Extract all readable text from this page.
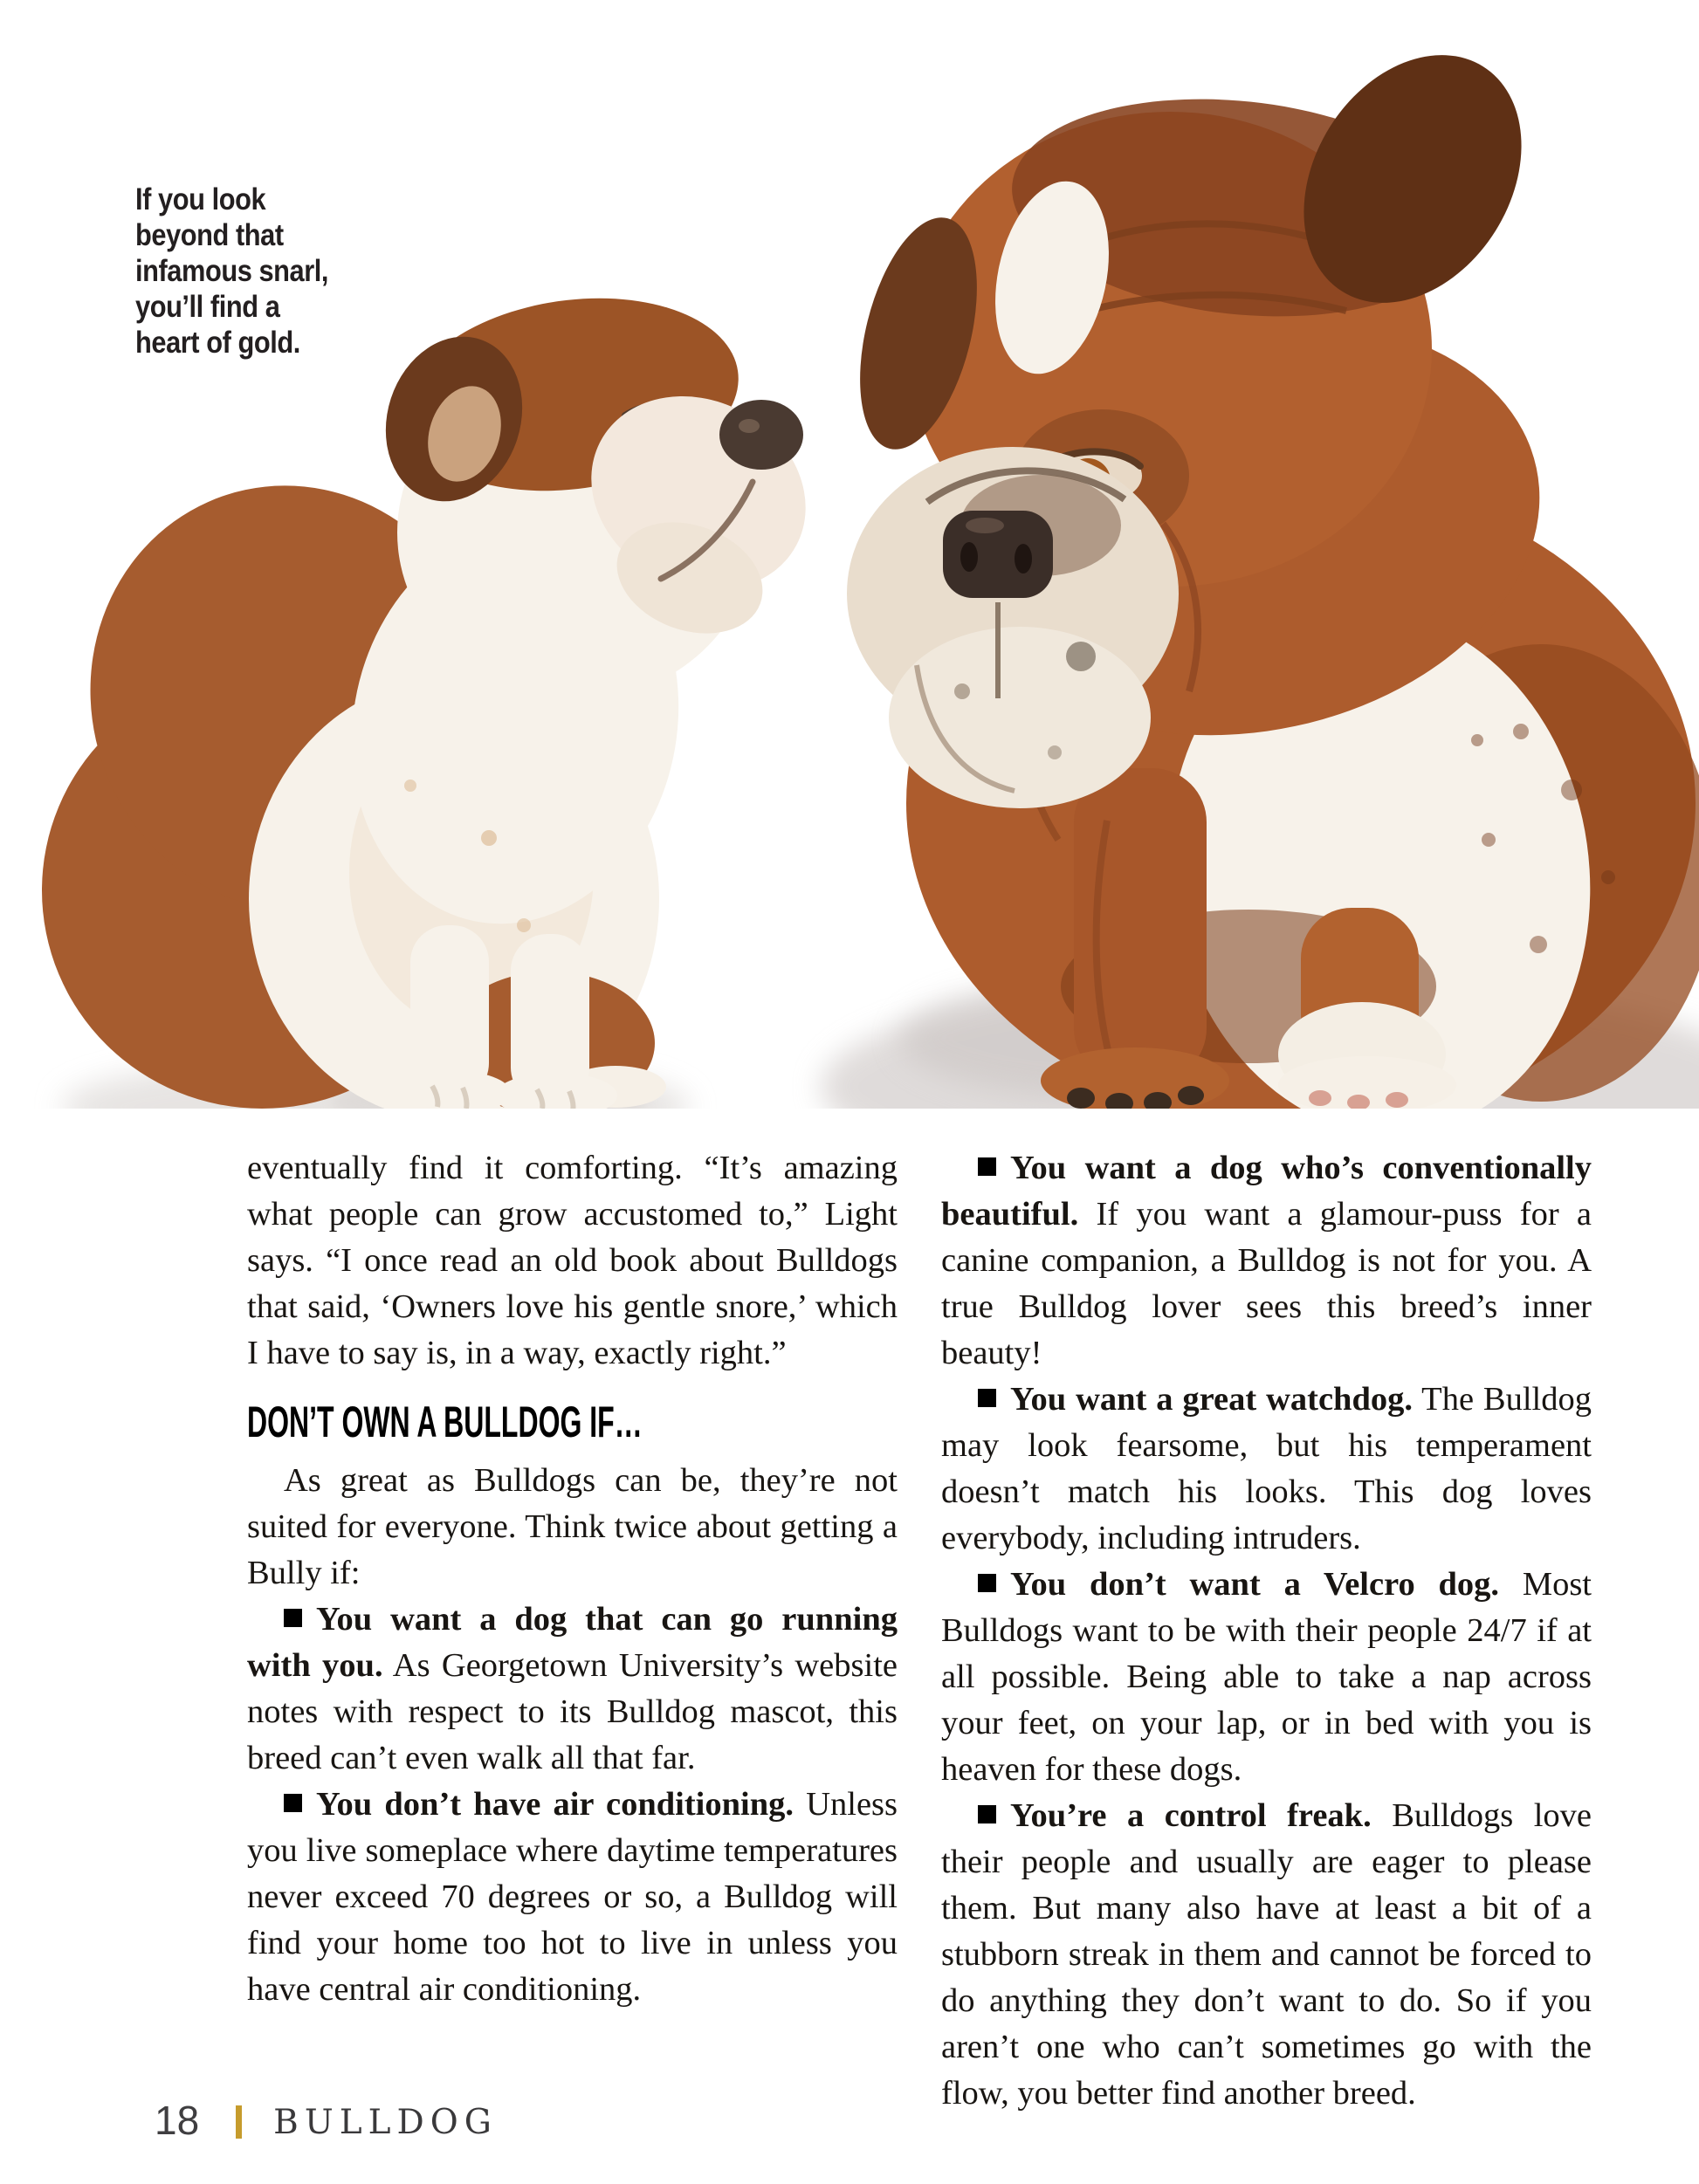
If you look
beyond that
infamous snarl,
you’ll find a
heart of gold.

eventually find it comforting. “It’s amazing what people can grow accustomed to,” Light says. “I once read an old book about Bulldogs that said, ‘Owners love his gentle snore,’ which I have to say is, in a way, exactly right.”

DON’T OWN A BULLDOG IF…

As great as Bulldogs can be, they’re not suited for everyone. Think twice about getting a Bully if:

You want a dog that can go running with you. As Georgetown University’s website notes with respect to its Bulldog mascot, this breed can’t even walk all that far.

You don’t have air conditioning. Unless you live someplace where daytime temperatures never exceed 70 degrees or so, a Bulldog will find your home too hot to live in unless you have central air conditioning.

You want a dog who’s conventionally beautiful. If you want a glamour-puss for a canine companion, a Bulldog is not for you. A true Bulldog lover sees this breed’s inner beauty!

You want a great watchdog. The Bulldog may look fearsome, but his temperament doesn’t match his looks. This dog loves everybody, including intruders.

You don’t want a Velcro dog. Most Bulldogs want to be with their people 24/7 if at all possible. Being able to take a nap across your feet, on your lap, or in bed with you is heaven for these dogs.

You’re a control freak. Bulldogs love their people and usually are eager to please them. But many also have at least a bit of a stubborn streak in them and cannot be forced to do anything they don’t want to do. So if you aren’t one who can’t sometimes go with the flow, you better find another breed.

18 BULLDOG
